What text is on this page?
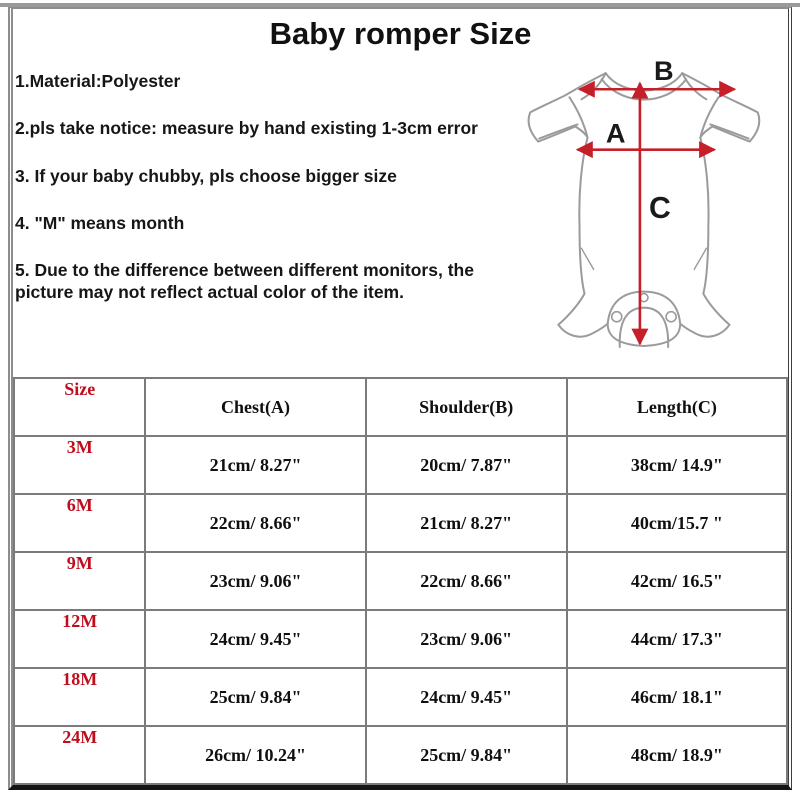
Baby romper Size

1.Material:Polyester

2.pls take notice: measure by hand existing 1-3cm error

3. If your baby chubby, pls choose bigger size

4. "M" means month

5. Due to the difference between different monitors, the picture may not reflect actual color of the item.

B
A
C
Size	Chest(A)	Shoulder(B)	Length(C)
3M	21cm/ 8.27"	20cm/ 7.87"	38cm/ 14.9"
6M	22cm/ 8.66"	21cm/ 8.27"	40cm/15.7 "
9M	23cm/ 9.06"	22cm/ 8.66"	42cm/ 16.5"
12M	24cm/ 9.45"	23cm/ 9.06"	44cm/ 17.3"
18M	25cm/ 9.84"	24cm/ 9.45"	46cm/ 18.1"
24M	26cm/ 10.24"	25cm/ 9.84"	48cm/ 18.9"
